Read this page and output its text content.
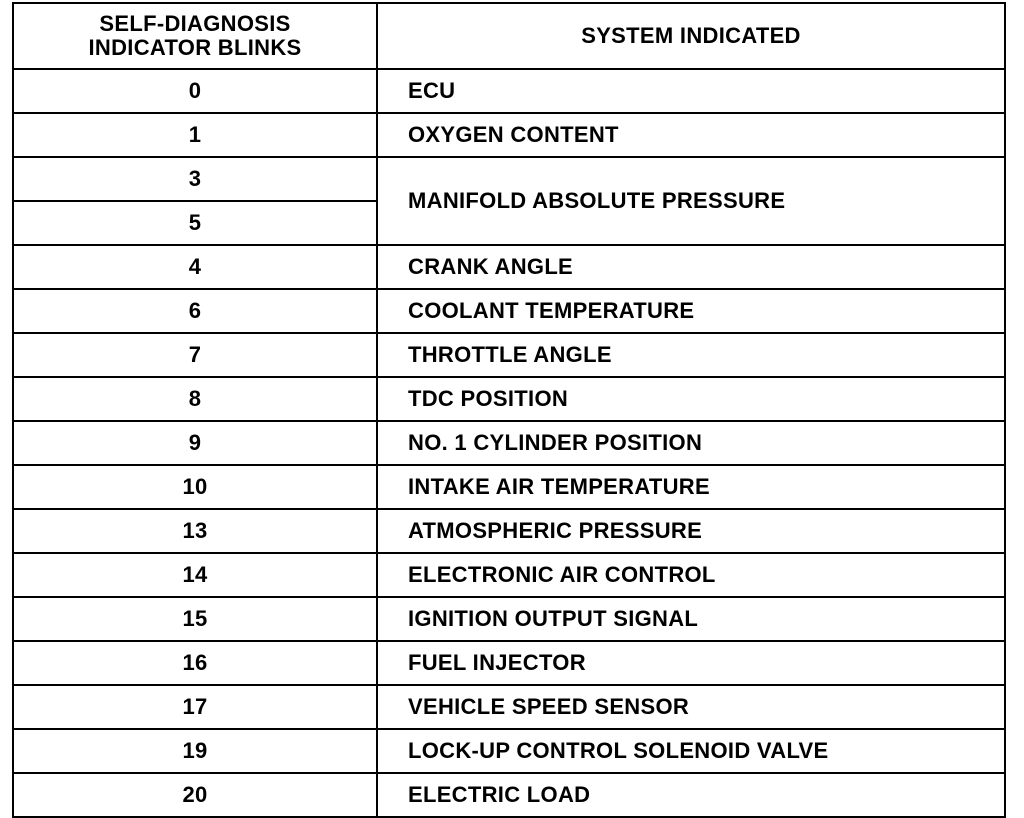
SELF-DIAGNOSIS
INDICATOR BLINKS	SYSTEM INDICATED
0	ECU
1	OXYGEN CONTENT
3	MANIFOLD ABSOLUTE PRESSURE
5	
4	CRANK ANGLE
6	COOLANT TEMPERATURE
7	THROTTLE ANGLE
8	TDC POSITION
9	NO. 1 CYLINDER POSITION
10	INTAKE AIR TEMPERATURE
13	ATMOSPHERIC PRESSURE
14	ELECTRONIC AIR CONTROL
15	IGNITION OUTPUT SIGNAL
16	FUEL INJECTOR
17	VEHICLE SPEED SENSOR
19	LOCK-UP CONTROL SOLENOID VALVE
20	ELECTRIC LOAD
